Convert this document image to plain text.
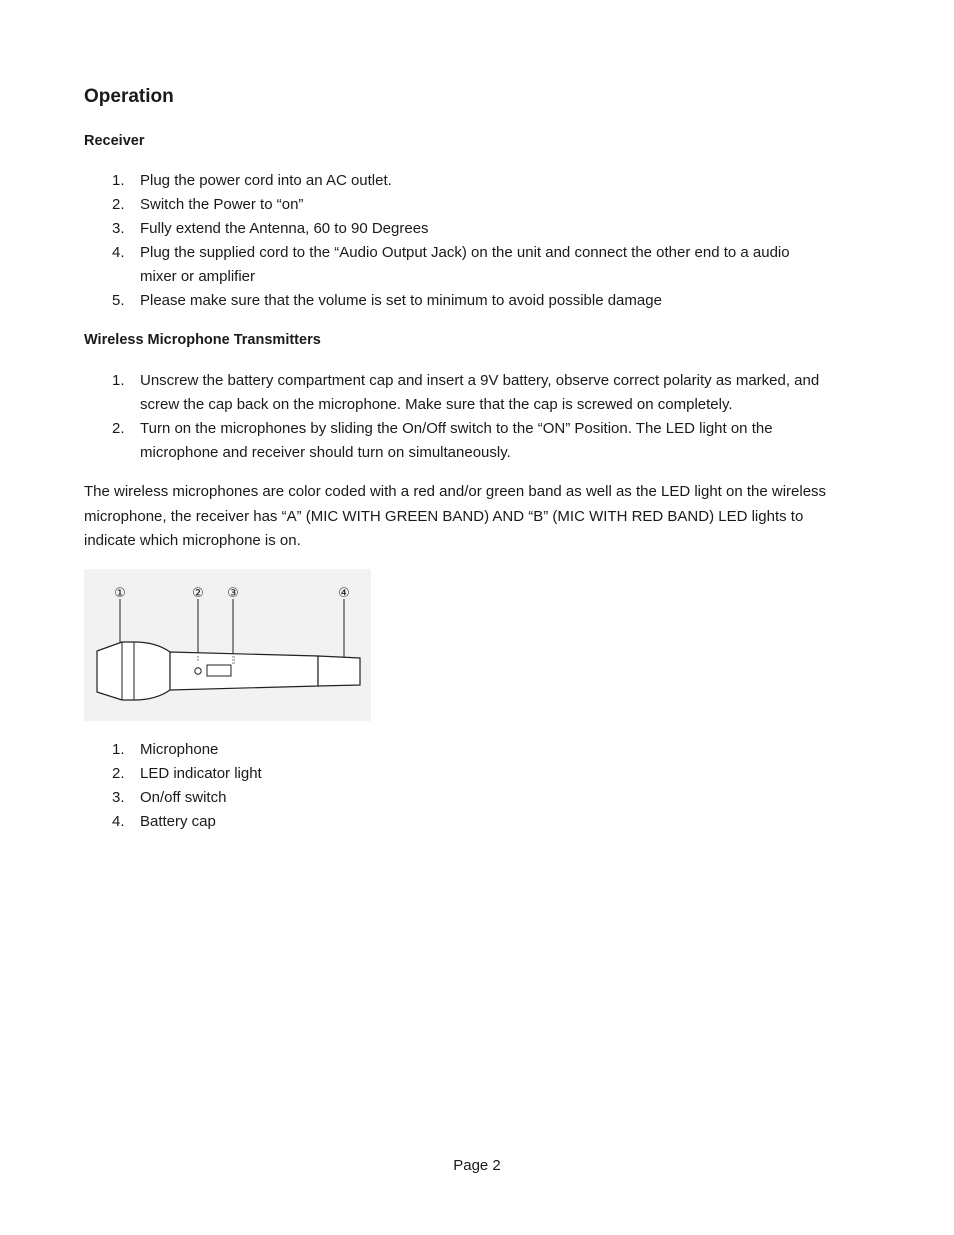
Operation
Receiver
1. Plug the power cord into an AC outlet.
2. Switch the Power to “on”
3. Fully extend the Antenna, 60 to 90 Degrees
4. Plug the supplied cord to the “Audio Output Jack) on the unit and connect the other end to a audio
mixer or amplifier
5. Please make sure that the volume is set to minimum to avoid possible damage
Wireless Microphone Transmitters
1. Unscrew the battery compartment cap and insert a 9V battery, observe correct polarity as marked, and
screw the cap back on the microphone. Make sure that the cap is screwed on completely.
2. Turn on the microphones by sliding the On/Off switch to the “ON” Position. The LED light on the
microphone and receiver should turn on simultaneously.
The wireless microphones are color coded with a red and/or green band as well as the LED light on the wireless
microphone, the receiver has “A” (MIC WITH GREEN BAND) AND “B” (MIC WITH RED BAND) LED lights to
indicate which microphone is on.
①	② ③	④
1. Microphone
2. LED indicator light
3. On/off switch
4. Battery cap
Page 2
